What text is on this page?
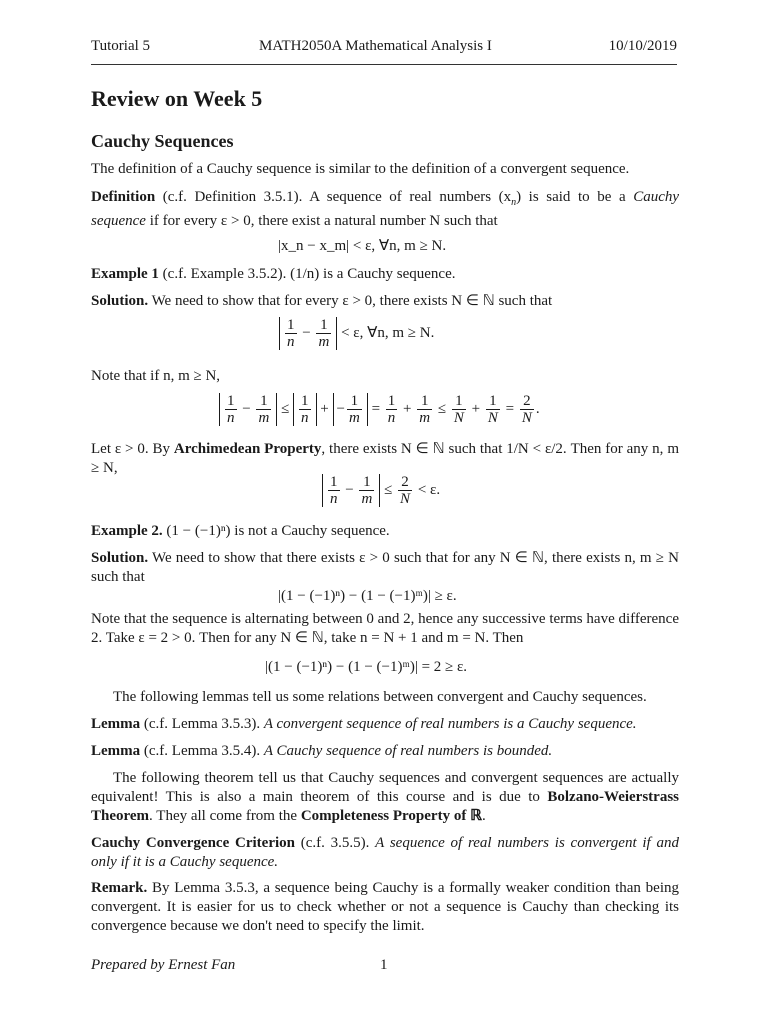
Tutorial 5	MATH2050A Mathematical Analysis I	10/10/2019
Review on Week 5
Cauchy Sequences
The definition of a Cauchy sequence is similar to the definition of a convergent sequence.
Definition (c.f. Definition 3.5.1). A sequence of real numbers $(x_n)$ is said to be a Cauchy sequence if for every ε > 0, there exist a natural number N such that
|x_n − x_m| < ε, ∀n, m ≥ N.
Example 1 (c.f. Example 3.5.2). (1/n) is a Cauchy sequence.
Solution. We need to show that for every ε > 0, there exists N ∈ ℕ such that
$\frac{1}{n} - \frac{1}{m} < \varepsilon$, ∀n, m ≥ N.
Note that if n, m ≥ N,
$\frac{1}{n} - \frac{1}{m} \le \frac{1}{n}$ + − $\frac{1}{m} = \frac{1}{n} + \frac{1}{m} \le \frac{1}{N} + \frac{1}{N} = \frac{2}{N}$ .
Let ε > 0. By Archimedean Property, there exists N ∈ ℕ such that 1/N < ε/2. Then for any n, m ≥ N,
$\frac{1}{n} - \frac{1}{m} \le \frac{2}{N} < \varepsilon$.
Example 2. (1 − (−1)ⁿ) is not a Cauchy sequence.
Solution. We need to show that there exists ε > 0 such that for any N ∈ ℕ, there exists n, m ≥ N such that
|(1 − (−1)ⁿ) − (1 − (−1)ᵐ)| ≥ ε.
Note that the sequence is alternating between 0 and 2, hence any successive terms have difference 2. Take ε = 2 > 0. Then for any N ∈ ℕ, take n = N + 1 and m = N. Then
|(1 − (−1)ⁿ) − (1 − (−1)ᵐ)| = 2 ≥ ε.
The following lemmas tell us some relations between convergent and Cauchy sequences.
Lemma (c.f. Lemma 3.5.3). A convergent sequence of real numbers is a Cauchy sequence.
Lemma (c.f. Lemma 3.5.4). A Cauchy sequence of real numbers is bounded.
The following theorem tell us that Cauchy sequences and convergent sequences are actually equivalent! This is also a main theorem of this course and is due to Bolzano-Weierstrass Theorem. They all come from the Completeness Property of ℝ.
Cauchy Convergence Criterion (c.f. 3.5.5). A sequence of real numbers is convergent if and only if it is a Cauchy sequence.
Remark. By Lemma 3.5.3, a sequence being Cauchy is a formally weaker condition than being convergent. It is easier for us to check whether or not a sequence is Cauchy than checking its convergence because we don't need to specify the limit.
Prepared by Ernest Fan	1
